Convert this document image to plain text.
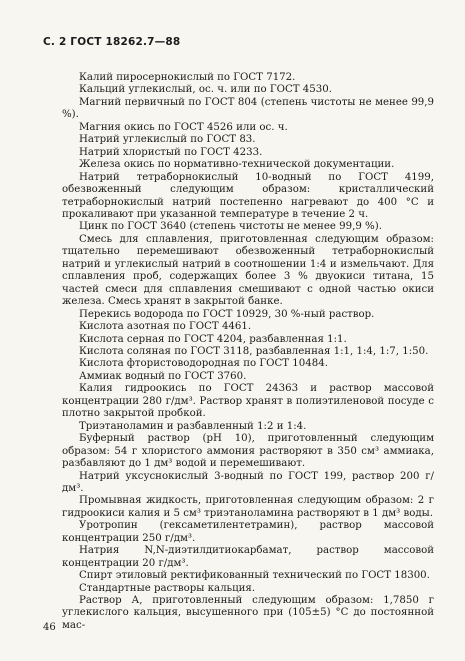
С. 2 ГОСТ 18262.7—88

Калий пиросернокислый по ГОСТ 7172.

Кальций углекислый, ос. ч. или по ГОСТ 4530.

Магний первичный по ГОСТ 804 (степень чистоты не менее 99,9 %).

Магния окись по ГОСТ 4526 или ос. ч.

Натрий углекислый по ГОСТ 83.

Натрий хлористый по ГОСТ 4233.

Железа окись по нормативно-технической документации.

Натрий тетраборнокислый 10-водный по ГОСТ 4199, обезвоженный следующим образом: кристаллический тетраборнокислый натрий постепенно нагревают до 400 °С и прокаливают при указанной температуре в течение 2 ч.

Цинк по ГОСТ 3640 (степень чистоты не менее 99,9 %).

Смесь для сплавления, приготовленная следующим образом: тщательно перемешивают обезвоженный тетраборнокислый натрий и углекислый натрий в соотношении 1:4 и измельчают. Для сплавления проб, содержащих более 3 % двуокиси титана, 15 частей смеси для сплавления смешивают с одной частью окиси железа. Смесь хранят в закрытой банке.

Перекись водорода по ГОСТ 10929, 30 %-ный раствор.

Кислота азотная по ГОСТ 4461.

Кислота серная по ГОСТ 4204, разбавленная 1:1.

Кислота соляная по ГОСТ 3118, разбавленная 1:1, 1:4, 1:7, 1:50.

Кислота фтористоводородная по ГОСТ 10484.

Аммиак водный по ГОСТ 3760.

Калия гидроокись по ГОСТ 24363 и раствор массовой концентрации 280 г/дм³. Раствор хранят в полиэтиленовой посуде с плотно закрытой пробкой.

Триэтаноламин и разбавленный 1:2 и 1:4.

Буферный раствор (рН 10), приготовленный следующим образом: 54 г хлористого аммония растворяют в 350 см³ аммиака, разбавляют до 1 дм³ водой и перемешивают.

Натрий уксуснокислый 3-водный по ГОСТ 199, раствор 200 г/дм³.

Промывная жидкость, приготовленная следующим образом: 2 г гидроокиси калия и 5 см³ триэтаноламина растворяют в 1 дм³ воды.

Уротропин (гексаметилентетрамин), раствор массовой концентрации 250 г/дм³.

Натрия N,N-диэтилдитиокарбамат, раствор массовой концентрации 20 г/дм³.

Спирт этиловый ректификованный технический по ГОСТ 18300.

Стандартные растворы кальция.

Раствор А, приготовленный следующим образом: 1,7850 г углекислого кальция, высушенного при (105±5) °С до постоянной мас-

46
